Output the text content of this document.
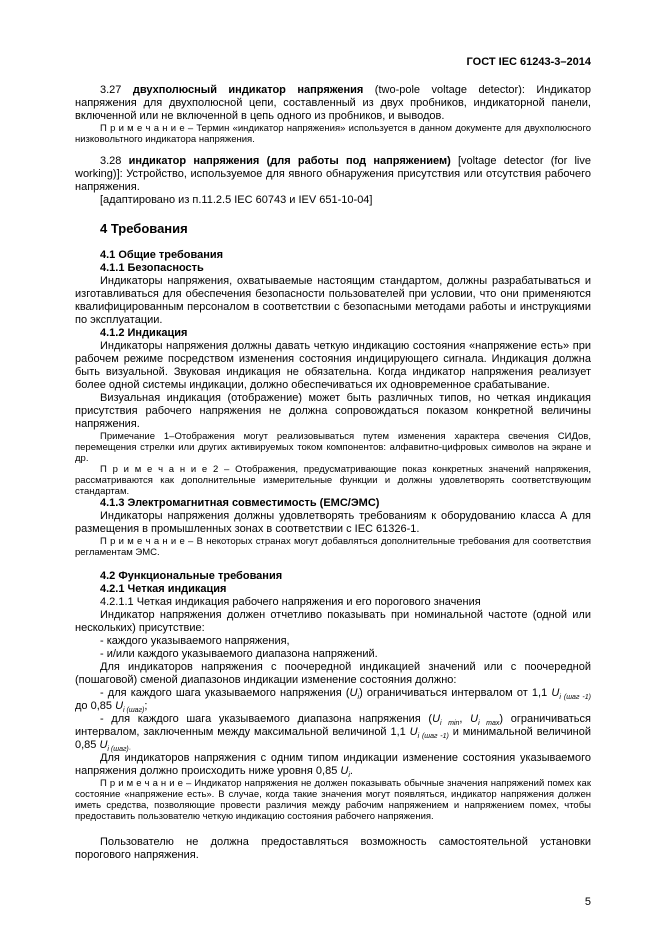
ГОСТ IEC 61243-3–2014

3.27 двухполюсный индикатор напряжения (two-pole voltage detector): Индикатор напряжения для двухполюсной цепи, составленный из двух пробников, индикаторной панели, включенной или не включенной в цепь одного из пробников, и выводов.

П р и м е ч а н и е – Термин «индикатор напряжения» используется в данном документе для двухполюсного низковольтного индикатора напряжения.

3.28 индикатор напряжения (для работы под напряжением) [voltage detector (for live working)]: Устройство, используемое для явного обнаружения присутствия или отсутствия рабочего напряжения.

[адаптировано из п.11.2.5 IEC 60743 и IEV 651-10-04]

4 Требования

4.1 Общие требования

4.1.1 Безопасность

Индикаторы напряжения, охватываемые настоящим стандартом, должны разрабатываться и изготавливаться для обеспечения безопасности пользователей при условии, что они применяются квалифицированным персоналом в соответствии с безопасными методами работы и инструкциями по эксплуатации.

4.1.2 Индикация

Индикаторы напряжения должны давать четкую индикацию состояния «напряжение есть» при рабочем режиме посредством изменения состояния индицирующего сигнала. Индикация должна быть визуальной. Звуковая индикация не обязательна. Когда индикатор напряжения реализует более одной системы индикации, должно обеспечиваться их одновременное срабатывание.

Визуальная индикация (отображение) может быть различных типов, но четкая индикация присутствия рабочего напряжения не должна сопровождаться показом конкретной величины напряжения.

Примечание 1–Отображения могут реализовываться путем изменения характера свечения СИДов, перемещения стрелки или других активируемых током компонентов: алфавитно-цифровых символов на экране и др.

П р и м е ч а н и е 2 – Отображения, предусматривающие показ конкретных значений напряжения, рассматриваются как дополнительные измерительные функции и должны удовлетворять соответствующим стандартам.

4.1.3 Электромагнитная совместимость (ЕМС/ЭМС)

Индикаторы напряжения должны удовлетворять требованиям к оборудованию класса А для размещения в промышленных зонах в соответствии с IEC 61326-1.

П р и м е ч а н и е – В некоторых странах могут добавляться дополнительные требования для соответствия регламентам ЭМС.

4.2 Функциональные требования

4.2.1 Четкая индикация

4.2.1.1 Четкая индикация рабочего напряжения и его порогового значения

Индикатор напряжения должен отчетливо показывать при номинальной частоте (одной или нескольких) присутствие:

- каждого указываемого напряжения,

- и/или каждого указываемого диапазона напряжений.

Для индикаторов напряжения с поочередной индикацией значений или с поочередной (пошаговой) сменой диапазонов индикации изменение состояния должно:

- для каждого шага указываемого напряжения $(U_i)$ ограничиваться интервалом от 1,1 $U_{i (шаг -1)}$ до 0,85 $U_{i (шаг)}$;

- для каждого шага указываемого диапазона напряжения ($U_{i min}$, $U_{i max}$) ограничиваться интервалом, заключенным между максимальной величиной 1,1 $U_{i (шаг -1)}$ и минимальной величиной 0,85 $U_{i (шаг)\cdot}$

Для индикаторов напряжения с одним типом индикации изменение состояния указываемого напряжения должно происходить ниже уровня 0,85 $U_i$.

П р и м е ч а н и е – Индикатор напряжения не должен показывать обычные значения напряжений помех как состояние «напряжение есть». В случае, когда такие значения могут появляться, индикатор напряжения должен иметь средства, позволяющие провести различия между рабочим напряжением и напряжением помех, чтобы предоставить пользователю четкую индикацию состояния рабочего напряжения.

Пользователю не должна предоставляться возможность самостоятельной установки порогового напряжения.

5
